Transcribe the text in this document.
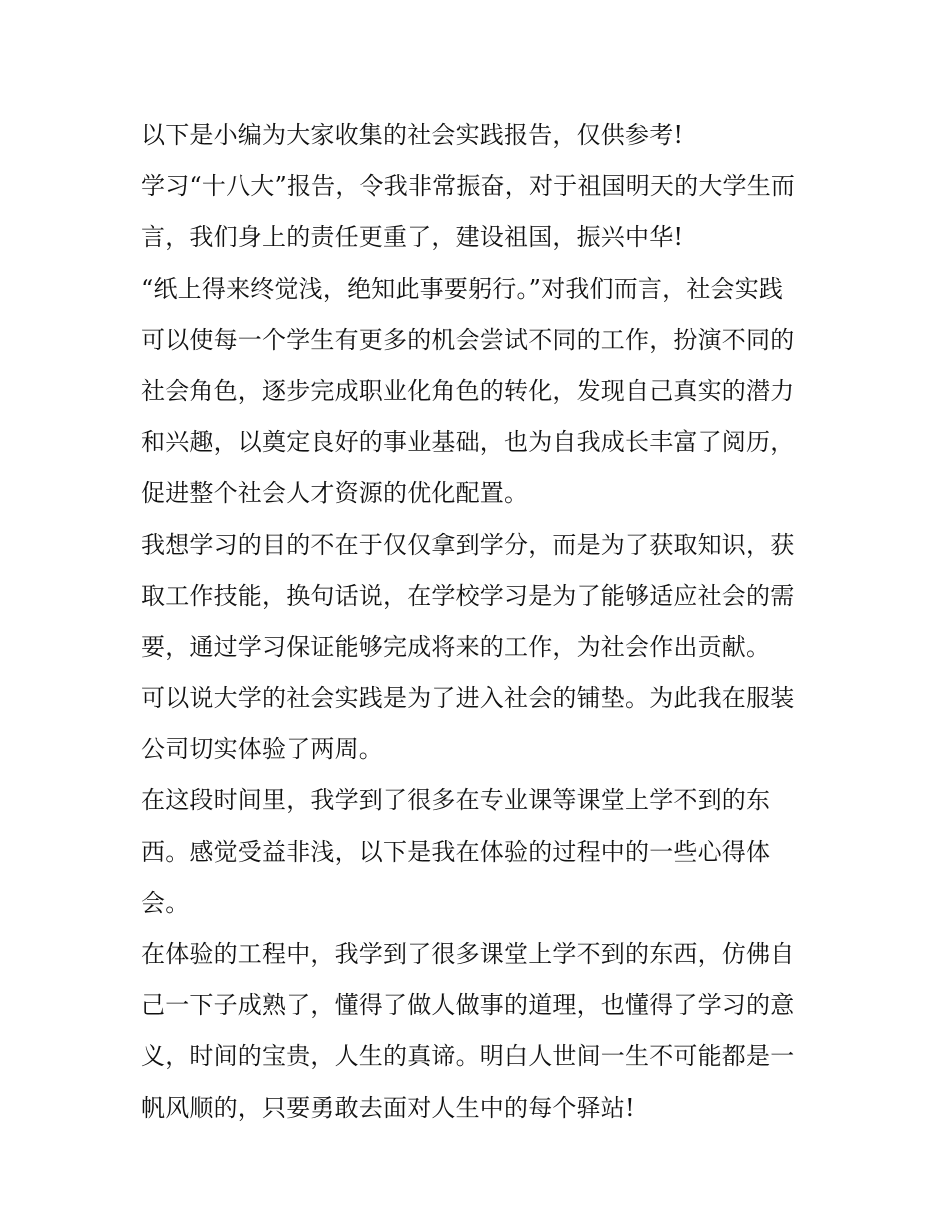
以下是小编为大家收集的社会实践报告，仅供参考!
学习“十八大”报告，令我非常振奋，对于祖国明天的大学生而
言，我们身上的责任更重了，建设祖国，振兴中华!
“纸上得来终觉浅，绝知此事要躬行。”对我们而言，社会实践
可以使每一个学生有更多的机会尝试不同的工作，扮演不同的
社会角色，逐步完成职业化角色的转化，发现自己真实的潜力
和兴趣，以奠定良好的事业基础，也为自我成长丰富了阅历，
促进整个社会人才资源的优化配置。
我想学习的目的不在于仅仅拿到学分，而是为了获取知识，获
取工作技能，换句话说，在学校学习是为了能够适应社会的需
要，通过学习保证能够完成将来的工作，为社会作出贡献。
可以说大学的社会实践是为了进入社会的铺垫。为此我在服装
公司切实体验了两周。
在这段时间里，我学到了很多在专业课等课堂上学不到的东
西。感觉受益非浅，以下是我在体验的过程中的一些心得体
会。
在体验的工程中，我学到了很多课堂上学不到的东西，仿佛自
己一下子成熟了，懂得了做人做事的道理，也懂得了学习的意
义，时间的宝贵，人生的真谛。明白人世间一生不可能都是一
帆风顺的，只要勇敢去面对人生中的每个驿站!
